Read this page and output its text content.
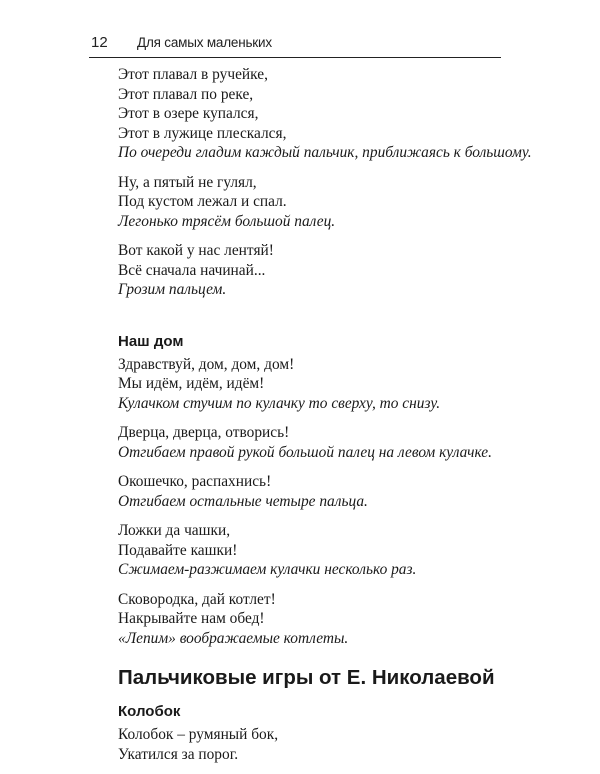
12 Для самых маленьких

Этот плавал в ручейке,

Этот плавал по реке,

Этот в озере купался,

Этот в лужице плескался,

По очереди гладим каждый пальчик, приближаясь к большому.

Ну, а пятый не гулял,

Под кустом лежал и спал.

Легонько трясём большой палец.

Вот какой у нас лентяй!

Всё сначала начинай...

Грозим пальцем.

Наш дом

Здравствуй, дом, дом, дом!

Мы идём, идём, идём!

Кулачком стучим по кулачку то сверху, то снизу.

Дверца, дверца, отворись!

Отгибаем правой рукой большой палец на левом кулачке.

Окошечко, распахнись!

Отгибаем остальные четыре пальца.

Ложки да чашки,

Подавайте кашки!

Сжимаем-разжимаем кулачки несколько раз.

Сковородка, дай котлет!

Накрывайте нам обед!

«Лепим» воображаемые котлеты.

Пальчиковые игры от Е. Николаевой

Колобок

Колобок – румяный бок,

Укатился за порог.
